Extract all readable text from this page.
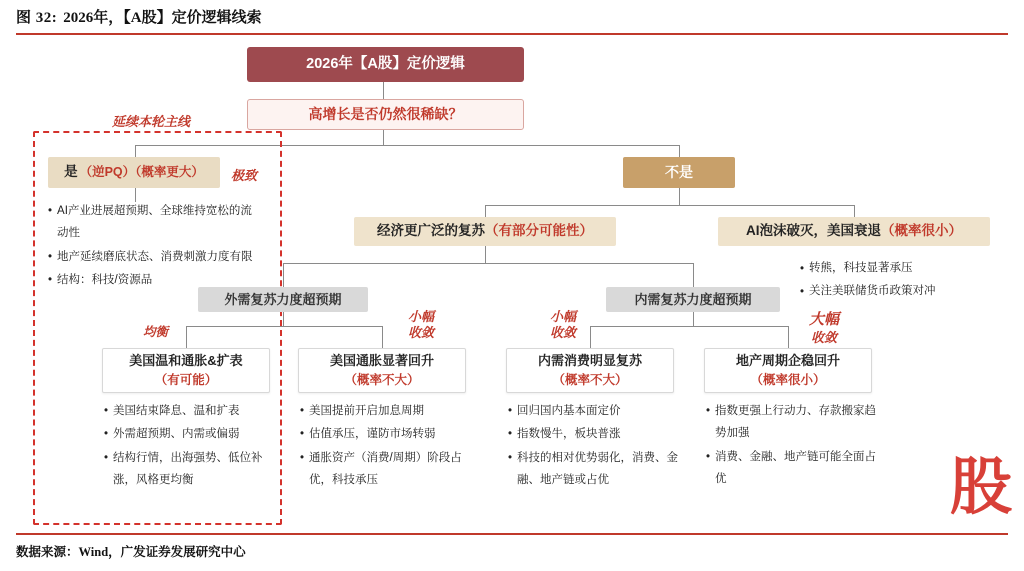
图 32: 2026年，【A股】定价逻辑线索
2026年【A股】定价逻辑
高增长是否仍然很稀缺？
延续本轮主线
是 （逆PQ）（概率更大） 极致
• AI产业进展超预期、全球维持宽松的流动性
• 地产延续磨底状态、消费刺激力度有限
• 结构：科技/资源品
不是
经济更广泛的复苏 （有部分可能性）	AI泡沫破灭，美国衰退 （概率很小）
• 转熊，科技显著承压
• 关注美联储货币政策对冲
外需复苏力度超预期	内需复苏力度超预期
均衡
小幅
收敛
小幅
收敛
大幅
收敛
美国温和通胀&扩表
（有可能）
• 美国结束降息、温和扩表
• 外需超预期、内需或偏弱
• 结构行情，出海强势、低位补涨，风格更均衡
美国通胀显著回升
（概率不大）
• 美国提前开启加息周期
• 估值承压，谨防市场转弱
• 通胀资产（消费/周期）阶段占优，科技承压
内需消费明显复苏
（概率不大）
• 回归国内基本面定价
• 指数慢牛，板块普涨
• 科技的相对优势弱化，消费、金融、地产链或占优
地产周期企稳回升
（概率很小）
• 指数更强上行动力、存款搬家趋势加强
• 消费、金融、地产链可能全面占优	股
数据来源：Wind，广发证券发展研究中心
